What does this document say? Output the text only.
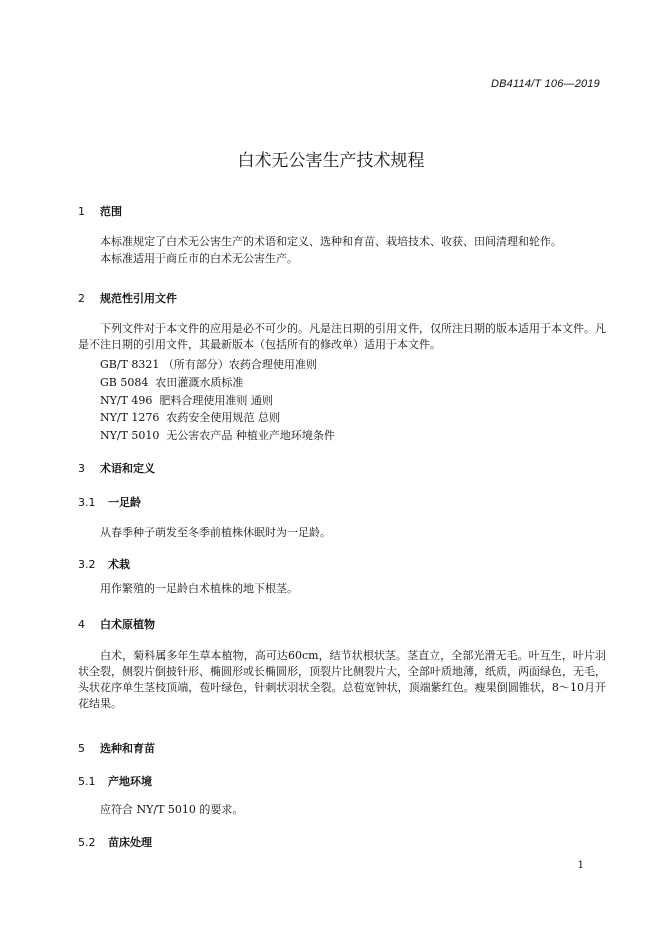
DB4114/T 106—2019
白术无公害生产技术规程
1 范围
本标准规定了白术无公害生产的术语和定义、选种和育苗、栽培技术、收获、田间清理和轮作。
本标准适用于商丘市的白术无公害生产。
2 规范性引用文件
下列文件对于本文件的应用是必不可少的。凡是注日期的引用文件，仅所注日期的版本适用于本文件。凡是不注日期的引用文件，其最新版本（包括所有的修改单）适用于本文件。
GB/T 8321 （所有部分）农药合理使用准则
GB 5084  农田灌溉水质标准
NY/T 496  肥料合理使用准则 通则
NY/T 1276  农药安全使用规范 总则
NY/T 5010  无公害农产品 种植业产地环境条件
3 术语和定义
3.1 一足龄
从春季种子萌发至冬季前植株休眠时为一足龄。
3.2 术栽
用作繁殖的一足龄白术植株的地下根茎。
4 白术原植物
白术，菊科属多年生草本植物，高可达60cm，结节状根状茎。茎直立，全部光滑无毛。叶互生，叶片羽状全裂，侧裂片倒披针形、椭圆形或长椭圆形，顶裂片比侧裂片大，全部叶质地薄，纸质，两面绿色，无毛，头状花序单生茎枝顶端，苞叶绿色，针刺状羽状全裂。总苞宽钟状，顶端紫红色。瘦果倒圆锥状，8～10月开花结果。
5 选种和育苗
5.1 产地环境
应符合 NY/T 5010 的要求。
5.2 苗床处理
1
